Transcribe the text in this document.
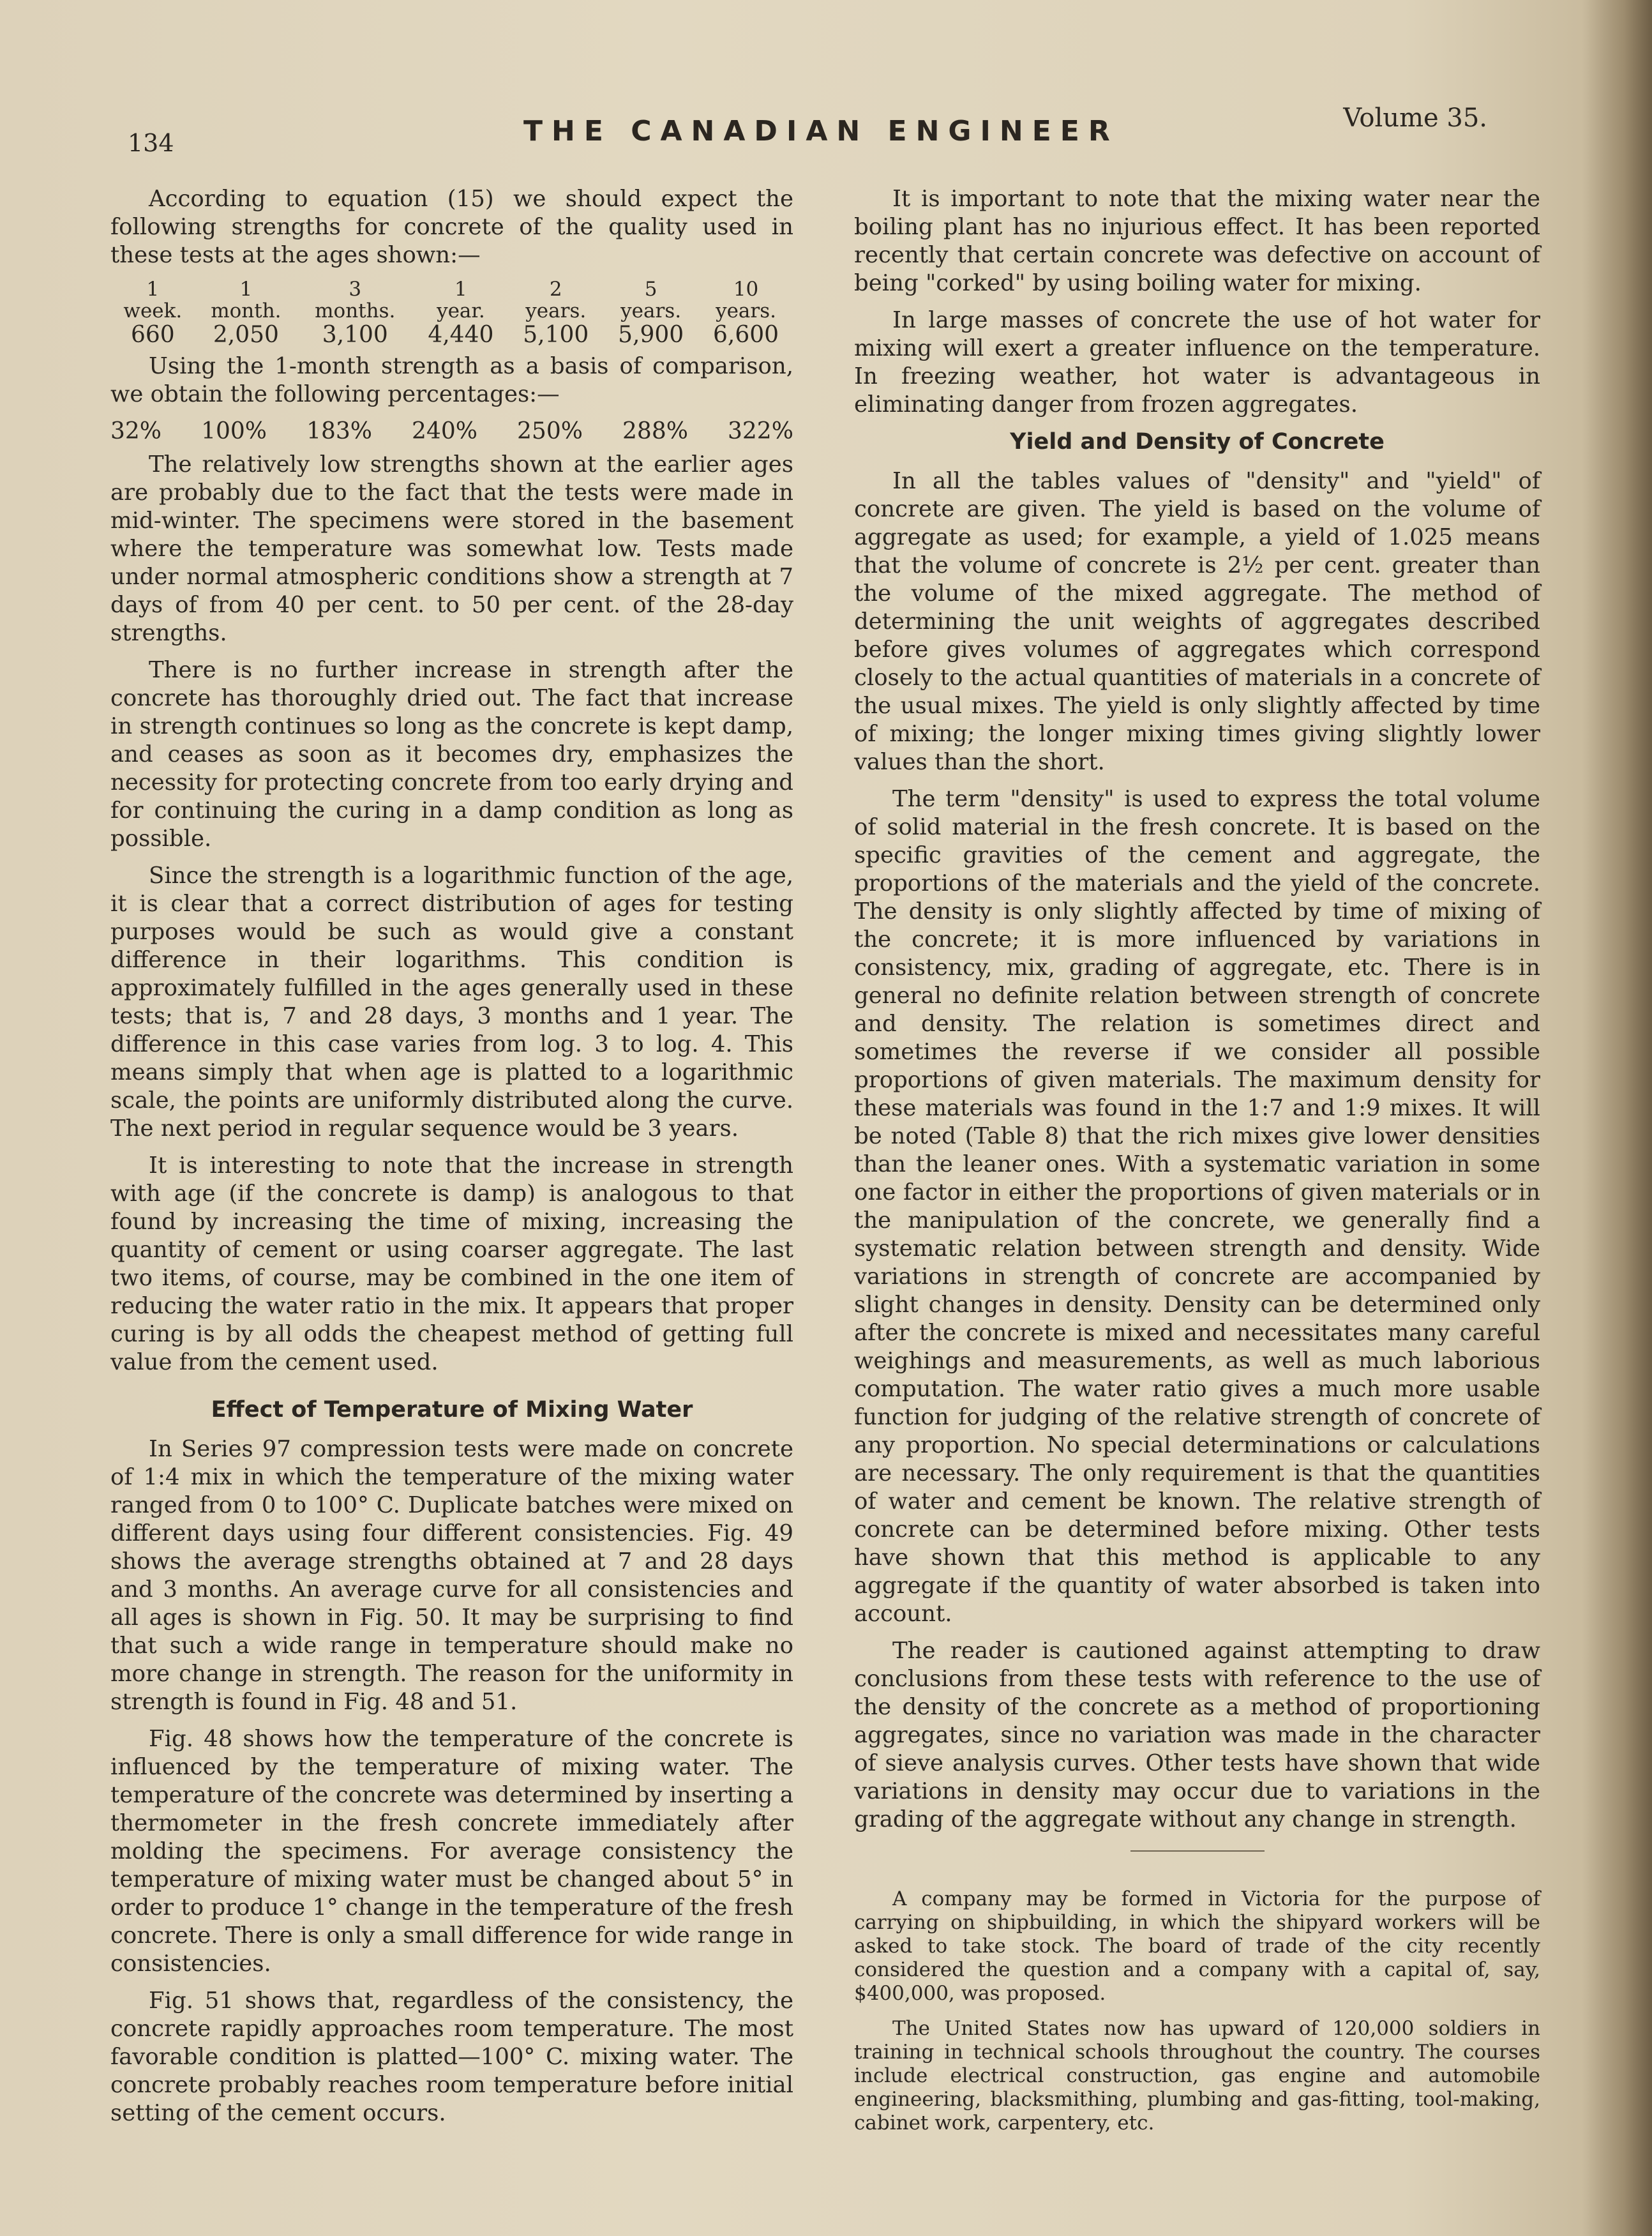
134	THE CANADIAN ENGINEER	Volume 35.

According to equation (15) we should expect the following strengths for concrete of the quality used in these tests at the ages shown:—

1	1	3	1	2	5	10
week.	month.	months.	year.	years.	years.	years.
660	2,050	3,100	4,440	5,100	5,900	6,600

Using the 1-month strength as a basis of comparison, we obtain the following percentages:—

32% 100% 183% 240% 250% 288% 322%

The relatively low strengths shown at the earlier ages are probably due to the fact that the tests were made in mid-winter. The specimens were stored in the basement where the temperature was somewhat low. Tests made under normal atmospheric conditions show a strength at 7 days of from 40 per cent. to 50 per cent. of the 28-day strengths.

There is no further increase in strength after the concrete has thoroughly dried out. The fact that increase in strength continues so long as the concrete is kept damp, and ceases as soon as it becomes dry, emphasizes the necessity for protecting concrete from too early drying and for continuing the curing in a damp condition as long as possible.

Since the strength is a logarithmic function of the age, it is clear that a correct distribution of ages for testing purposes would be such as would give a constant difference in their logarithms. This condition is approximately fulfilled in the ages generally used in these tests; that is, 7 and 28 days, 3 months and 1 year. The difference in this case varies from log. 3 to log. 4. This means simply that when age is platted to a logarithmic scale, the points are uniformly distributed along the curve. The next period in regular sequence would be 3 years.

It is interesting to note that the increase in strength with age (if the concrete is damp) is analogous to that found by increasing the time of mixing, increasing the quantity of cement or using coarser aggregate. The last two items, of course, may be combined in the one item of reducing the water ratio in the mix. It appears that proper curing is by all odds the cheapest method of getting full value from the cement used.

Effect of Temperature of Mixing Water

In Series 97 compression tests were made on concrete of 1:4 mix in which the temperature of the mixing water ranged from 0 to 100° C. Duplicate batches were mixed on different days using four different consistencies. Fig. 49 shows the average strengths obtained at 7 and 28 days and 3 months. An average curve for all consistencies and all ages is shown in Fig. 50. It may be surprising to find that such a wide range in temperature should make no more change in strength. The reason for the uniformity in strength is found in Fig. 48 and 51.

Fig. 48 shows how the temperature of the concrete is influenced by the temperature of mixing water. The temperature of the concrete was determined by inserting a thermometer in the fresh concrete immediately after molding the specimens. For average consistency the temperature of mixing water must be changed about 5° in order to produce 1° change in the temperature of the fresh concrete. There is only a small difference for wide range in consistencies.

Fig. 51 shows that, regardless of the consistency, the concrete rapidly approaches room temperature. The most favorable condition is platted—100° C. mixing water. The concrete probably reaches room temperature before initial setting of the cement occurs.

It is important to note that the mixing water near the boiling plant has no injurious effect. It has been reported recently that certain concrete was defective on account of being "corked" by using boiling water for mixing.

In large masses of concrete the use of hot water for mixing will exert a greater influence on the temperature. In freezing weather, hot water is advantageous in eliminating danger from frozen aggregates.

Yield and Density of Concrete

In all the tables values of "density" and "yield" of concrete are given. The yield is based on the volume of aggregate as used; for example, a yield of 1.025 means that the volume of concrete is 2½ per cent. greater than the volume of the mixed aggregate. The method of determining the unit weights of aggregates described before gives volumes of aggregates which correspond closely to the actual quantities of materials in a concrete of the usual mixes. The yield is only slightly affected by time of mixing; the longer mixing times giving slightly lower values than the short.

The term "density" is used to express the total volume of solid material in the fresh concrete. It is based on the specific gravities of the cement and aggregate, the proportions of the materials and the yield of the concrete. The density is only slightly affected by time of mixing of the concrete; it is more influenced by variations in consistency, mix, grading of aggregate, etc. There is in general no definite relation between strength of concrete and density. The relation is sometimes direct and sometimes the reverse if we consider all possible proportions of given materials. The maximum density for these materials was found in the 1:7 and 1:9 mixes. It will be noted (Table 8) that the rich mixes give lower densities than the leaner ones. With a systematic variation in some one factor in either the proportions of given materials or in the manipulation of the concrete, we generally find a systematic relation between strength and density. Wide variations in strength of concrete are accompanied by slight changes in density. Density can be determined only after the concrete is mixed and necessitates many careful weighings and measurements, as well as much laborious computation. The water ratio gives a much more usable function for judging of the relative strength of concrete of any proportion. No special determinations or calculations are necessary. The only requirement is that the quantities of water and cement be known. The relative strength of concrete can be determined before mixing. Other tests have shown that this method is applicable to any aggregate if the quantity of water absorbed is taken into account.

The reader is cautioned against attempting to draw conclusions from these tests with reference to the use of the density of the concrete as a method of proportioning aggregates, since no variation was made in the character of sieve analysis curves. Other tests have shown that wide variations in density may occur due to variations in the grading of the aggregate without any change in strength.

A company may be formed in Victoria for the purpose of carrying on shipbuilding, in which the shipyard workers will be asked to take stock. The board of trade of the city recently considered the question and a company with a capital of, say, $400,000, was proposed.

The United States now has upward of 120,000 soldiers in training in technical schools throughout the country. The courses include electrical construction, gas engine and automobile engineering, blacksmithing, plumbing and gas-fitting, tool-making, cabinet work, carpentery, etc.
